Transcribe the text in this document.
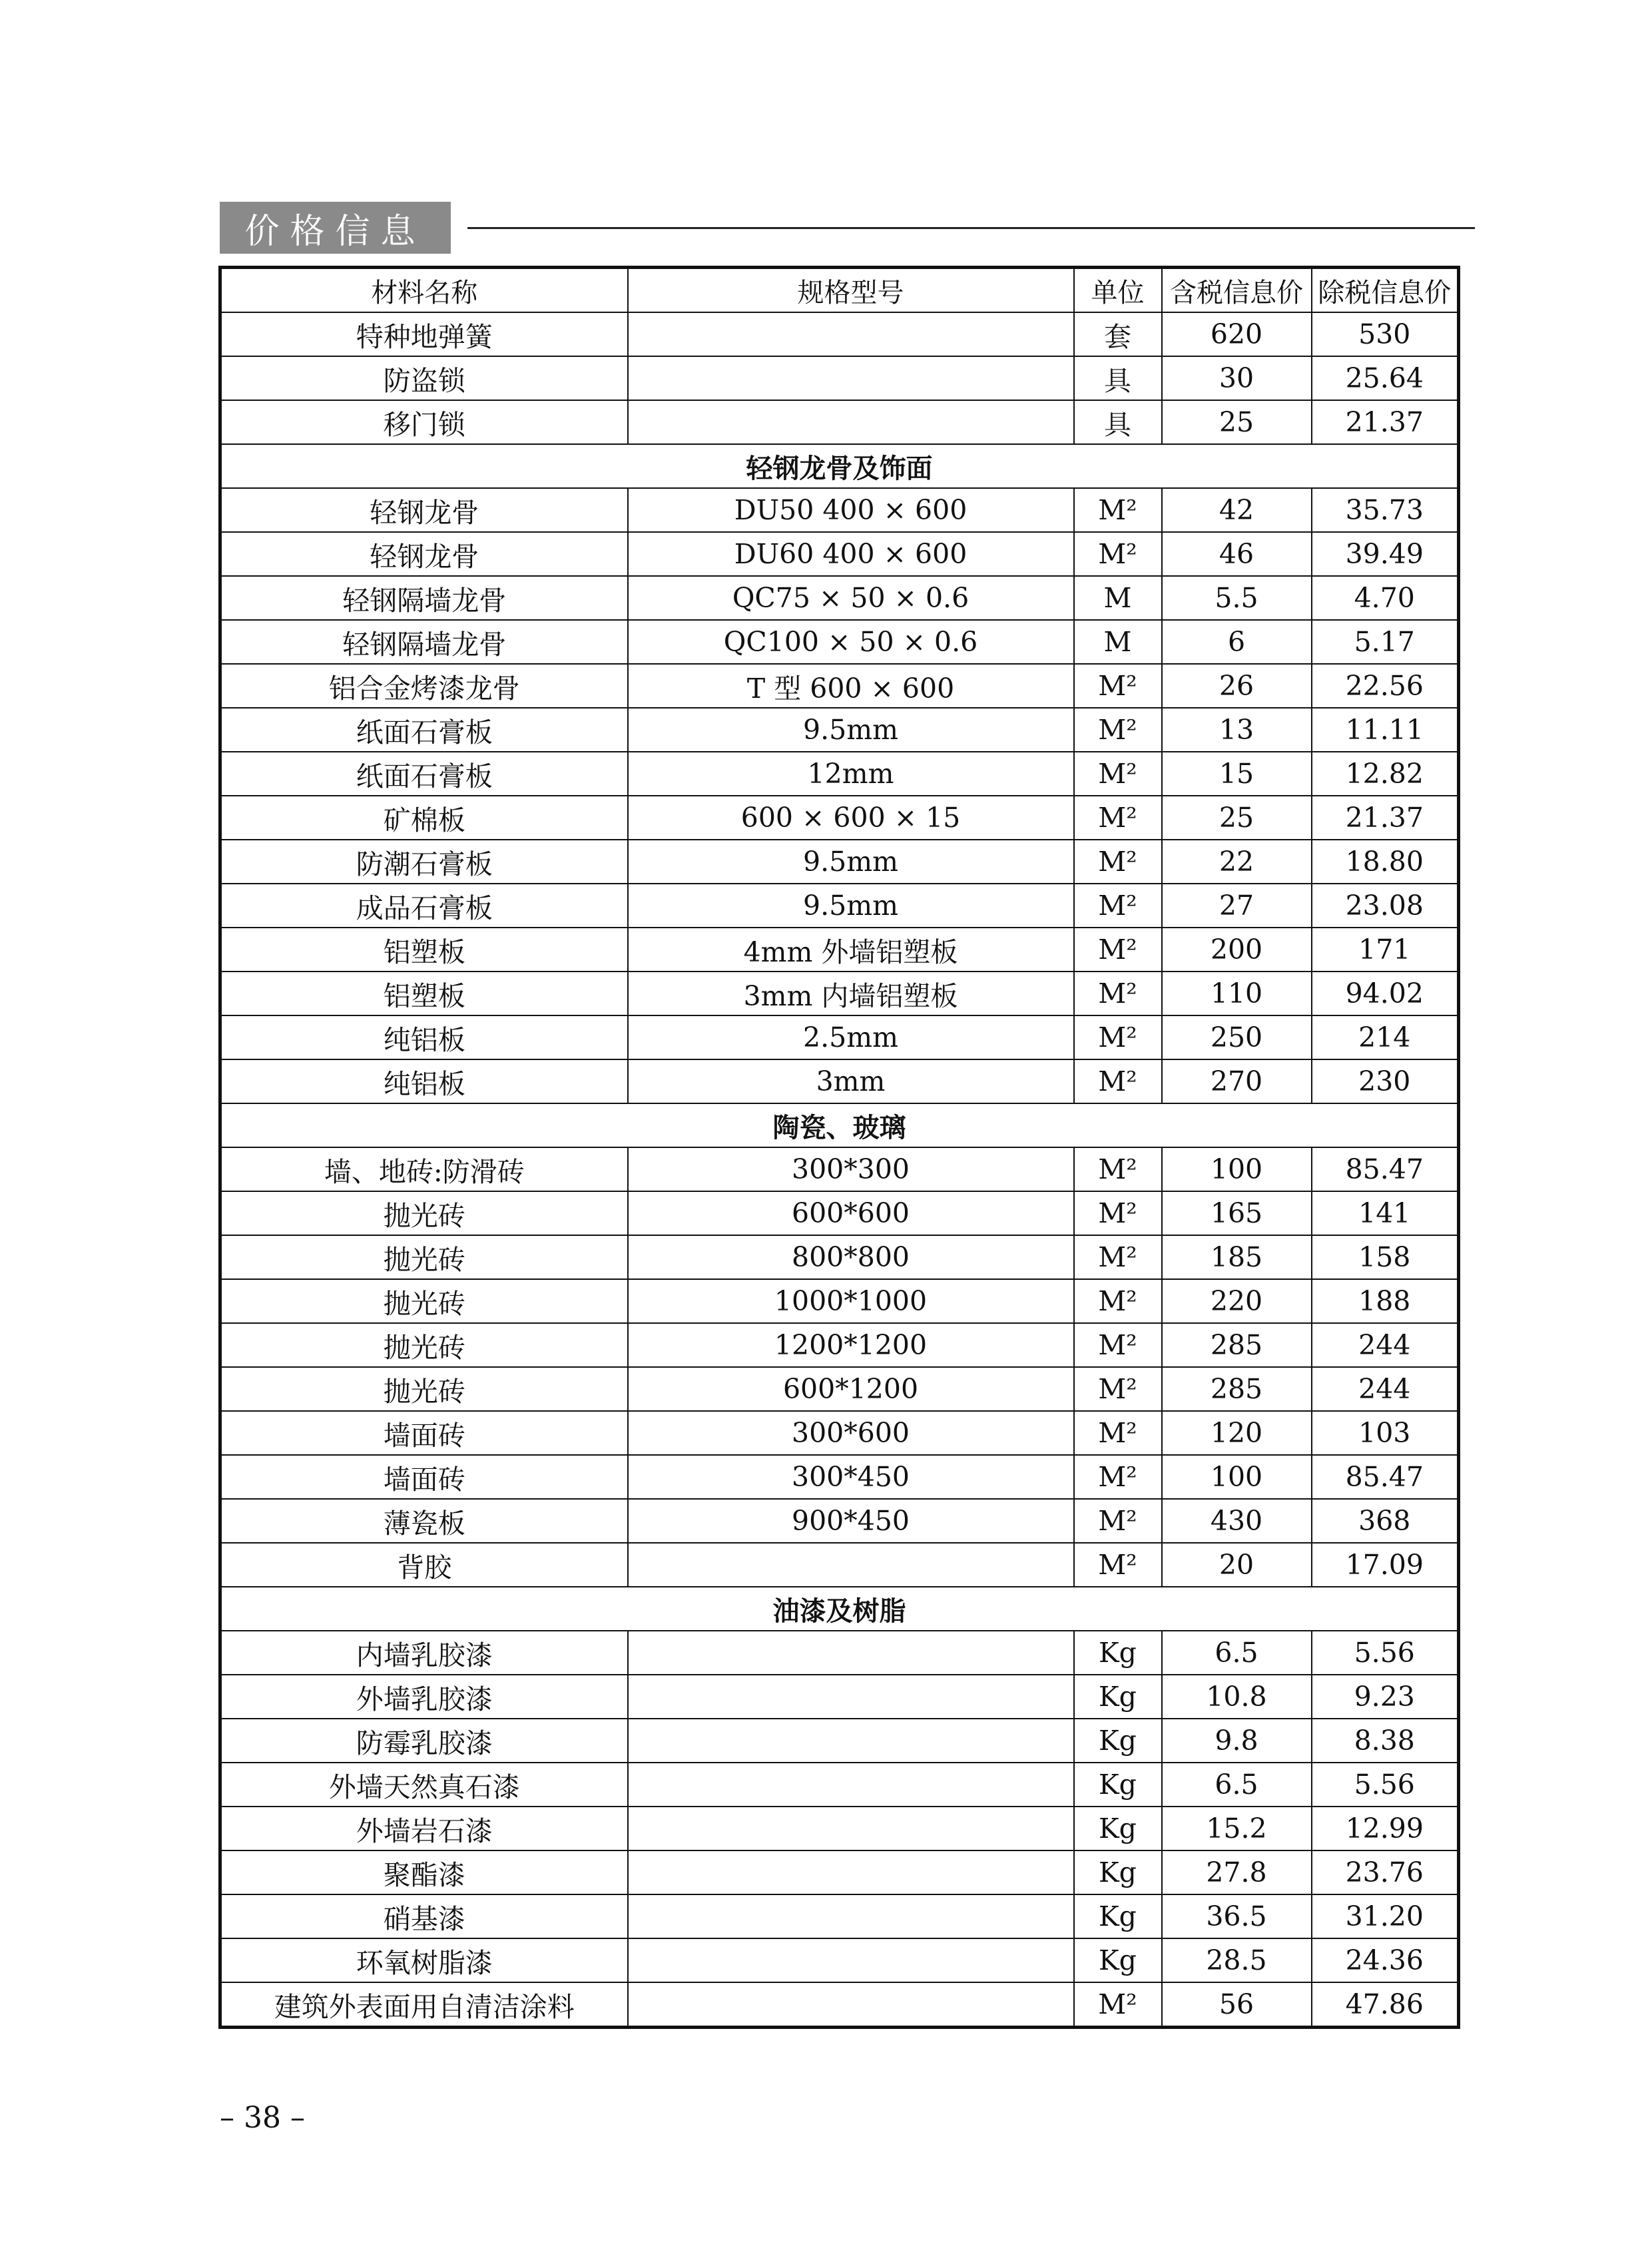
价格信息
材料名称	规格型号	单位	含税信息价	除税信息价
特种地弹簧		套	620	530
防盗锁		具	30	25.64
移门锁		具	25	21.37
轻钢龙骨及饰面				
轻钢龙骨	DU50 400 × 600	M²	42	35.73
轻钢龙骨	DU60 400 × 600	M²	46	39.49
轻钢隔墙龙骨	QC75 × 50 × 0.6	M	5.5	4.70
轻钢隔墙龙骨	QC100 × 50 × 0.6	M	6	5.17
铝合金烤漆龙骨	T 型 600 × 600	M²	26	22.56
纸面石膏板	9.5mm	M²	13	11.11
纸面石膏板	12mm	M²	15	12.82
矿棉板	600 × 600 × 15	M²	25	21.37
防潮石膏板	9.5mm	M²	22	18.80
成品石膏板	9.5mm	M²	27	23.08
铝塑板	4mm 外墙铝塑板	M²	200	171
铝塑板	3mm 内墙铝塑板	M²	110	94.02
纯铝板	2.5mm	M²	250	214
纯铝板	3mm	M²	270	230
陶瓷、玻璃				
墙、地砖:防滑砖	300*300	M²	100	85.47
抛光砖	600*600	M²	165	141
抛光砖	800*800	M²	185	158
抛光砖	1000*1000	M²	220	188
抛光砖	1200*1200	M²	285	244
抛光砖	600*1200	M²	285	244
墙面砖	300*600	M²	120	103
墙面砖	300*450	M²	100	85.47
薄瓷板	900*450	M²	430	368
背胶		M²	20	17.09
油漆及树脂				
内墙乳胶漆		Kg	6.5	5.56
外墙乳胶漆		Kg	10.8	9.23
防霉乳胶漆		Kg	9.8	8.38
外墙天然真石漆		Kg	6.5	5.56
外墙岩石漆		Kg	15.2	12.99
聚酯漆		Kg	27.8	23.76
硝基漆		Kg	36.5	31.20
环氧树脂漆		Kg	28.5	24.36
建筑外表面用自清洁涂料		M²	56	47.86
– 38 –
